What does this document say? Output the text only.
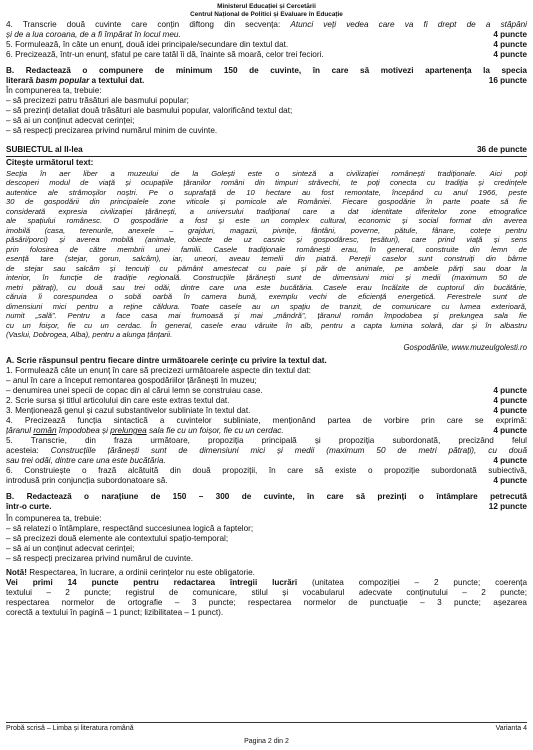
Ministerul Educației și Cercetării
Centrul Național de Politici și Evaluare în Educație
4. Transcrie două cuvinte care conțin diftong din secvența: Atunci veți vedea care va fi drept de a stăpâni
și de a lua coroana, de a fi împărat în locul meu.	4 puncte
5. Formulează, în câte un enunț, două idei principale/secundare din textul dat.	4 puncte
6. Precizează, într-un enunț, sfatul pe care tatăl îi dă, înainte să moară, celor trei feciori.	4 puncte
B. Redactează o compunere de minimum 150 de cuvinte, în care să motivezi apartenența la specia
literară basm popular a textului dat.	16 puncte
În compunerea ta, trebuie:
– să precizezi patru trăsături ale basmului popular;
– să prezinți detaliat două trăsături ale basmului popular, valorificând textul dat;
– să ai un conținut adecvat cerinței;
– să respecți precizarea privind numărul minim de cuvinte.
SUBIECTUL al II-lea	36 de puncte
Citește următorul text:
Secția în aer liber a muzeului de la Golești este o sinteză a civilizației românești tradiționale. Aici poți
descoperi modul de viață și ocupațiile țăranilor români din timpuri străvechi, te poți conecta cu tradiția și credințele
autentice ale strămoșilor noștri. Pe o suprafață de 10 hectare au fost remontate, începând cu anul 1966, peste
30 de gospodării din principalele zone viticole și pomicole ale României. Fiecare gospodărie în parte poate să fie
considerată expresia civilizației țărănești, a universului tradițional care a dat identitate diferitelor zone etnografice
ale spațiului românesc. O gospodărie a fost și este un complex cultural, economic și social format din averea
imobilă (casa, terenurile, anexele – grajduri, magazii, pivnițe, fântâni, poverne, pătule, fânare, cotețe pentru
păsări/porci) și averea mobilă (animale, obiecte de uz casnic și gospodăresc, țesături), care prind viață și sens
prin folosirea de către membrii unei familii. Casele tradiționale românești erau, în general, construite din lemn de
esență tare (stejar, gorun, salcâm), iar, uneori, aveau temelii din piatră. Pereții caselor sunt construiți din bârne
de stejar sau salcâm și tencuiți cu pământ amestecat cu paie și păr de animale, pe ambele părți sau doar la
interior, în funcție de tradiție regională. Construcțiile țărănești sunt de dimensiuni mici și medii (maximum 50 de
metri pătrați), cu două sau trei odăi, dintre care una este bucătăria. Casele erau încălzite de cuptorul din bucătărie,
căruia îi corespundea o sobă oarbă în camera bună, exemplu vechi de eficiență energetică. Ferestrele sunt de
dimensiuni mici pentru a reține căldura. Toate casele au un spațiu de tranzit, de comunicare cu lumea exterioară,
numit „sală”. Pentru a face casa mai frumoasă și mai „mândră”, țăranul român împodobea și prelungea sala fie
cu un foișor, fie cu un cerdac. În general, casele erau văruite în alb, pentru a capta lumina solară, dar și în albastru
(Vaslui, Dobrogea, Alba), pentru a alunga țânțarii.
Gospodăriile, www.muzeulgolesti.ro
A. Scrie răspunsul pentru fiecare dintre următoarele cerințe cu privire la textul dat.
1. Formulează câte un enunț în care să precizezi următoarele aspecte din textul dat:
– anul în care a început remontarea gospodăriilor țărănești în muzeu;
– denumirea unei specii de copac din al cărui lemn se construiau case.	4 puncte
2. Scrie sursa și titlul articolului din care este extras textul dat.	4 puncte
3. Menționează genul și cazul substantivelor subliniate în textul dat.	4 puncte
4. Precizează funcția sintactică a cuvintelor subliniate, menționând partea de vorbire prin care se exprimă:
țăranul român împodobea și prelungea sala fie cu un foișor, fie cu un cerdac.	4 puncte
5. Transcrie, din fraza următoare, propoziția principală și propoziția subordonată, precizând felul
acesteia: Construcțiile țărănești sunt de dimensiuni mici și medii (maximum 50 de metri pătrați), cu două
sau trei odăi, dintre care una este bucătăria.	4 puncte
6. Construiește o frază alcătuită din două propoziții, în care să existe o propoziție subordonată subiectivă,
introdusă prin conjuncția subordonatoare să.	4 puncte
B. Redactează o narațiune de 150 – 300 de cuvinte, în care să prezinți o întâmplare petrecută
într-o curte.	12 puncte
În compunerea ta, trebuie:
– să relatezi o întâmplare, respectând succesiunea logică a faptelor;
– să precizezi două elemente ale contextului spațio-temporal;
– să ai un conținut adecvat cerinței;
– să respecți precizarea privind numărul de cuvinte.
Notă! Respectarea, în lucrare, a ordinii cerințelor nu este obligatorie.
Vei primi 14 puncte pentru redactarea întregii lucrări (unitatea compoziției – 2 puncte; coerența
textului – 2 puncte; registrul de comunicare, stilul și vocabularul adecvate conținutului – 2 puncte;
respectarea normelor de ortografie – 3 puncte; respectarea normelor de punctuație – 3 puncte; așezarea
corectă a textului în pagină – 1 punct; lizibilitatea – 1 punct).
Probă scrisă – Limba și literatura română	Varianta 4
Pagina 2 din 2
